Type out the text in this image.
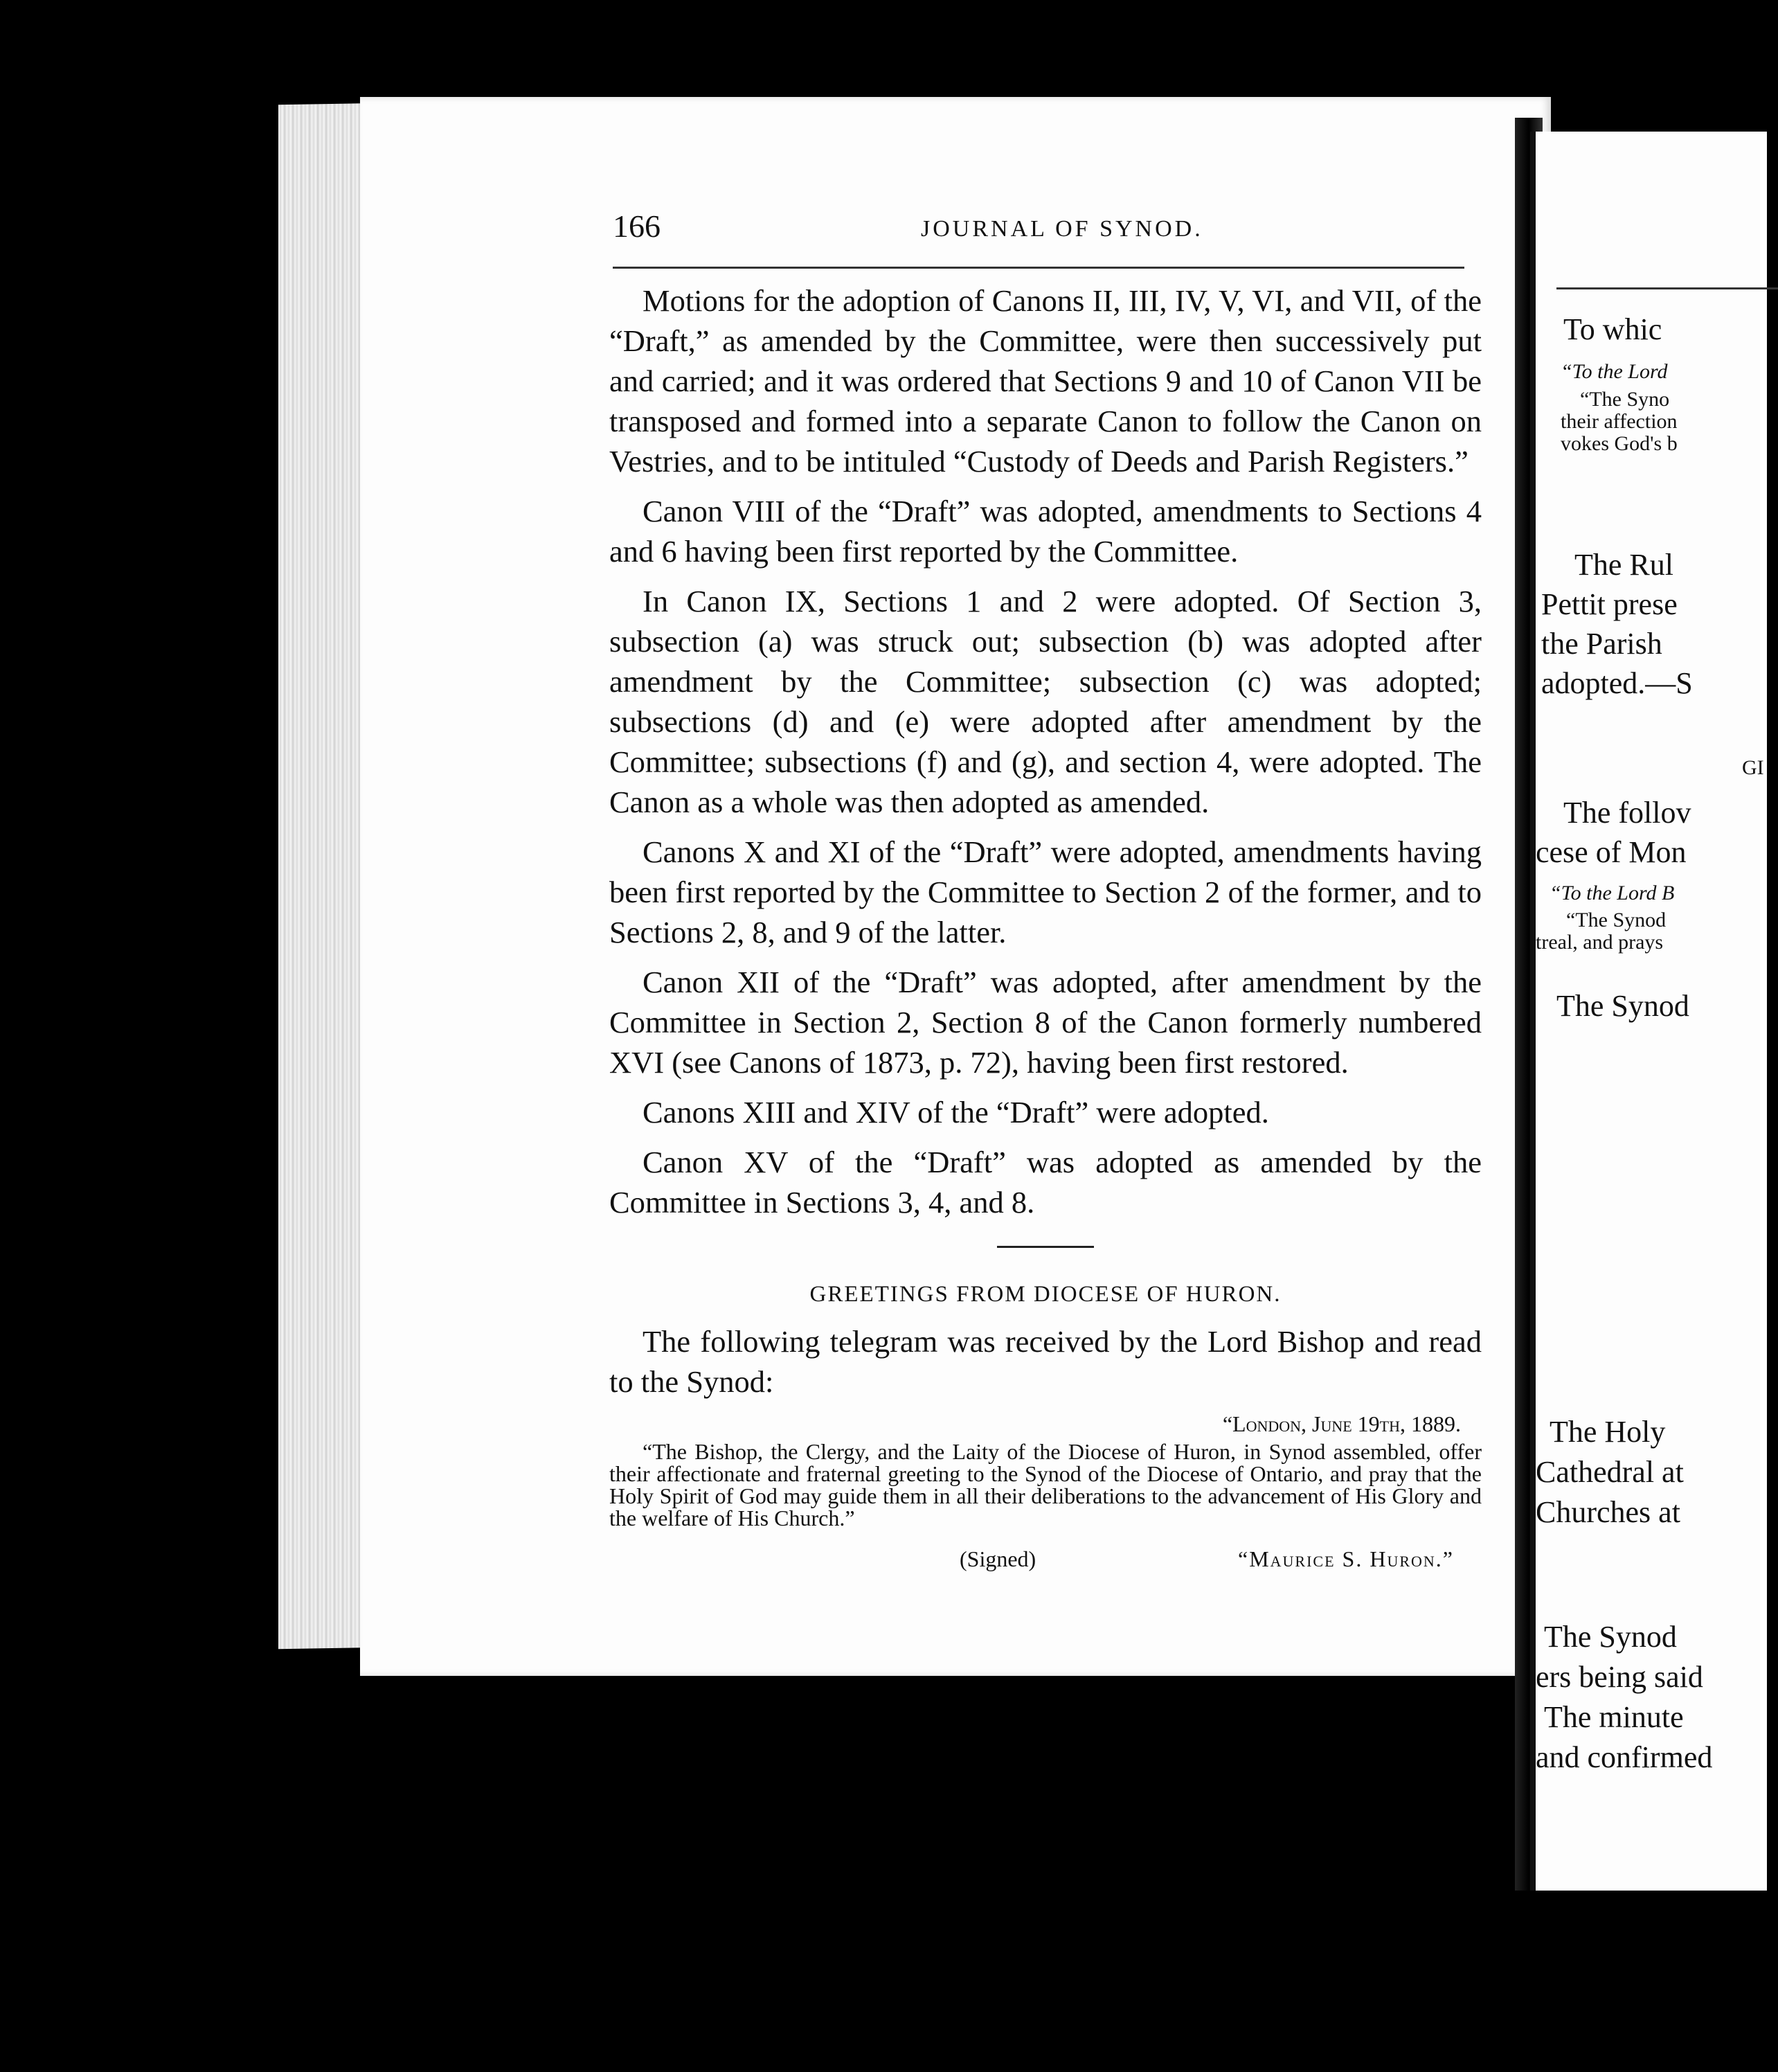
To whic
“To the Lord
“The Syno
their affection
vokes God's b
The Rul
Pettit prese
the Parish
adopted.—S
GI
The follov
cese of Mon
“To the Lord B
“The Synod
treal, and prays
The Synod
The Holy
Cathedral at
Churches at
The Synod
ers being said
The minute
and confirmed
166	JOURNAL OF SYNOD.

Motions for the adoption of Canons II, III, IV, V, VI, and VII, of the “Draft,” as amended by the Committee, were then successively put and carried; and it was ordered that Sections 9 and 10 of Canon VII be transposed and formed into a separate Canon to follow the Canon on Vestries, and to be intituled “Custody of Deeds and Parish Registers.”

Canon VIII of the “Draft” was adopted, amendments to Sections 4 and 6 having been first reported by the Committee.

In Canon IX, Sections 1 and 2 were adopted. Of Section 3, subsection (a) was struck out; subsection (b) was adopted after amendment by the Committee; subsection (c) was adopted; subsections (d) and (e) were adopted after amendment by the Committee; subsections (f) and (g), and section 4, were adopted. The Canon as a whole was then adopted as amended.

Canons X and XI of the “Draft” were adopted, amendments having been first reported by the Committee to Section 2 of the former, and to Sections 2, 8, and 9 of the latter.

Canon XII of the “Draft” was adopted, after amendment by the Committee in Section 2, Section 8 of the Canon formerly numbered XVI (see Canons of 1873, p. 72), having been first restored.

Canons XIII and XIV of the “Draft” were adopted.

Canon XV of the “Draft” was adopted as amended by the Committee in Sections 3, 4, and 8.

GREETINGS FROM DIOCESE OF HURON.

The following telegram was received by the Lord Bishop and read to the Synod:

“London, June 19th, 1889.

“The Bishop, the Clergy, and the Laity of the Diocese of Huron, in Synod assembled, offer their affectionate and fraternal greeting to the Synod of the Diocese of Ontario, and pray that the Holy Spirit of God may guide them in all their deliberations to the advancement of His Glory and the welfare of His Church.”

(Signed)	“Maurice S. Huron.”
